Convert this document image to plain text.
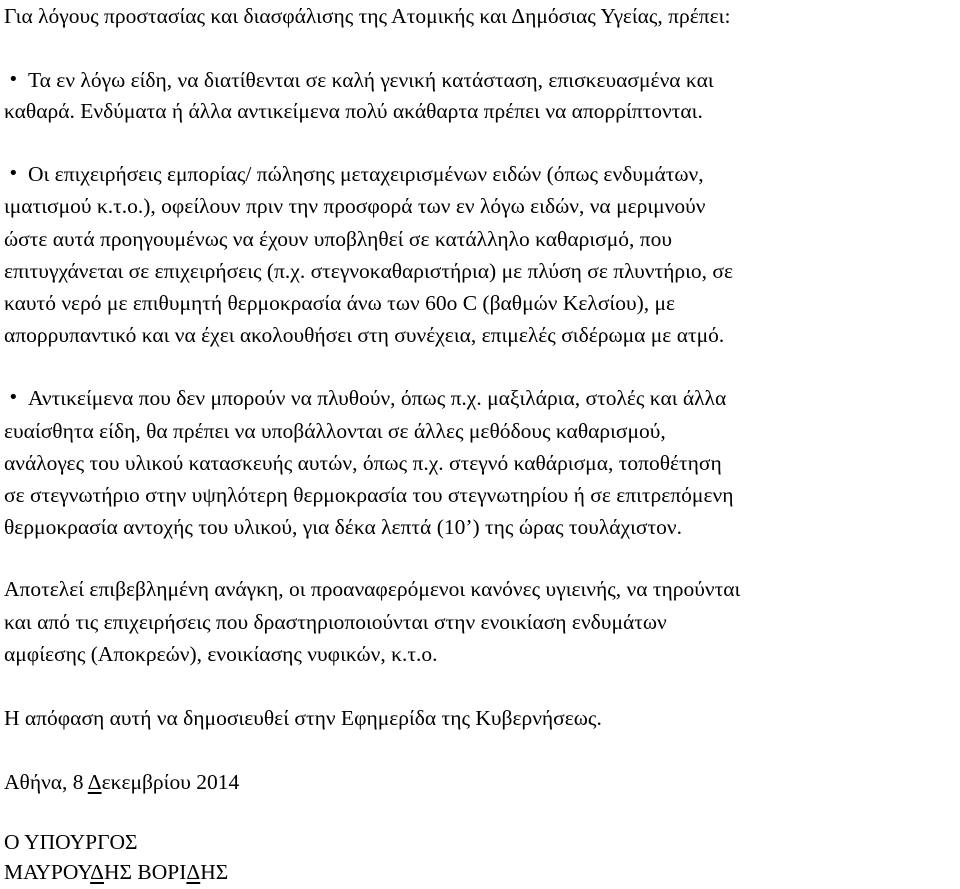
Για λόγους προστασίας και διασφάλισης της Ατομικής και Δημόσιας Υγείας, πρέπει:
• Τα εν λόγω είδη, να διατίθενται σε καλή γενική κατάσταση, επισκευασμένα και
καθαρά. Ενδύματα ή άλλα αντικείμενα πολύ ακάθαρτα πρέπει να απορρίπτονται.
• Οι επιχειρήσεις εμπορίας/ πώλησης μεταχειρισμένων ειδών (όπως ενδυμάτων,
ιματισμού κ.τ.ο.), οφείλουν πριν την προσφορά των εν λόγω ειδών, να μεριμνούν
ώστε αυτά προηγουμένως να έχουν υποβληθεί σε κατάλληλο καθαρισμό, που
επιτυγχάνεται σε επιχειρήσεις (π.χ. στεγνοκαθαριστήρια) με πλύση σε πλυντήριο, σε
καυτό νερό με επιθυμητή θερμοκρασία άνω των 60ο C (βαθμών Κελσίου), με
απορρυπαντικό και να έχει ακολουθήσει στη συνέχεια, επιμελές σιδέρωμα με ατμό.
• Αντικείμενα που δεν μπορούν να πλυθούν, όπως π.χ. μαξιλάρια, στολές και άλλα
ευαίσθητα είδη, θα πρέπει να υποβάλλονται σε άλλες μεθόδους καθαρισμού,
ανάλογες του υλικού κατασκευής αυτών, όπως π.χ. στεγνό καθάρισμα, τοποθέτηση
σε στεγνωτήριο στην υψηλότερη θερμοκρασία του στεγνωτηρίου ή σε επιτρεπόμενη
θερμοκρασία αντοχής του υλικού, για δέκα λεπτά (10’) της ώρας τουλάχιστον.
Αποτελεί επιβεβλημένη ανάγκη, οι προαναφερόμενοι κανόνες υγιεινής, να τηρούνται
και από τις επιχειρήσεις που δραστηριοποιούνται στην ενοικίαση ενδυμάτων
αμφίεσης (Αποκρεών), ενοικίασης νυφικών, κ.τ.ο.
Η απόφαση αυτή να δημοσιευθεί στην Εφημερίδα της Κυβερνήσεως.
Αθήνα, 8 Δεκεμβρίου 2014
Ο ΥΠΟΥΡΓΟΣ
ΜΑΥΡΟΥΔΗΣ ΒΟΡΙΔΗΣ
